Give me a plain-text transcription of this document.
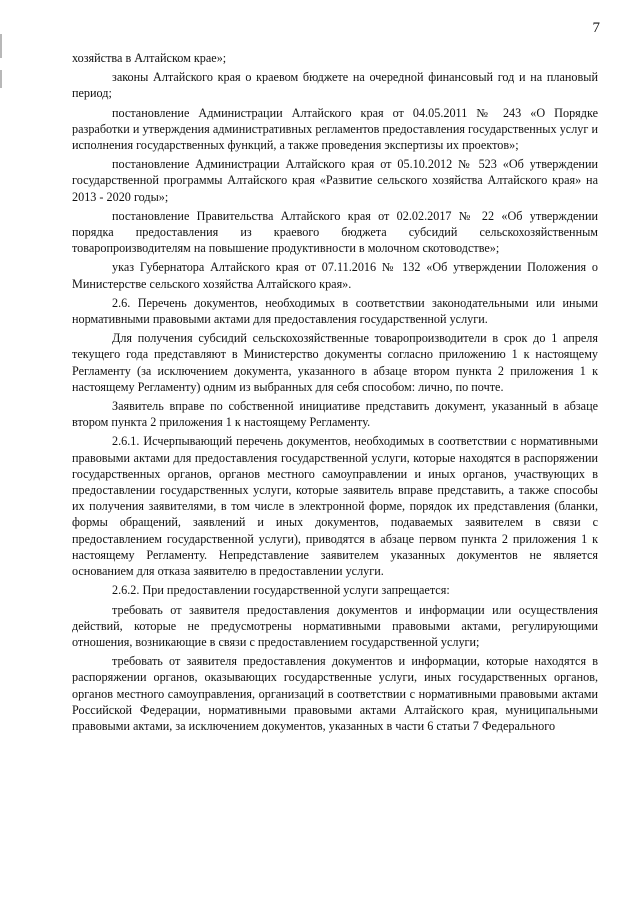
7

хозяйства в Алтайском крае»;

законы Алтайского края о краевом бюджете на очередной финансовый год и на плановый период;

постановление Администрации Алтайского края от 04.05.2011 № 243 «О Порядке разработки и утверждения административных регламентов предоставления государственных услуг и исполнения государственных функций, а также проведения экспертизы их проектов»;

постановление Администрации Алтайского края от 05.10.2012 № 523 «Об утверждении государственной программы Алтайского края «Развитие сельского хозяйства Алтайского края» на 2013 - 2020 годы»;

постановление Правительства Алтайского края от 02.02.2017 № 22 «Об утверждении порядка предоставления из краевого бюджета субсидий сельскохозяйственным товаропроизводителям на повышение продуктивности в молочном скотоводстве»;

указ Губернатора Алтайского края от 07.11.2016 № 132 «Об утверждении Положения о Министерстве сельского хозяйства Алтайского края».

2.6. Перечень документов, необходимых в соответствии законодательными или иными нормативными правовыми актами для предоставления государственной услуги.

Для получения субсидий сельскохозяйственные товаропроизводители в срок до 1 апреля текущего года представляют в Министерство документы согласно приложению 1 к настоящему Регламенту (за исключением документа, указанного в абзаце втором пункта 2 приложения 1 к настоящему Регламенту) одним из выбранных для себя способом: лично, по почте.

Заявитель вправе по собственной инициативе представить документ, указанный в абзаце втором пункта 2 приложения 1 к настоящему Регламенту.

2.6.1. Исчерпывающий перечень документов, необходимых в соответствии с нормативными правовыми актами для предоставления государственной услуги, которые находятся в распоряжении государственных органов, органов местного самоуправлении и иных органов, участвующих в предоставлении государственных услуги, которые заявитель вправе представить, а также способы их получения заявителями, в том числе в электронной форме, порядок их представления (бланки, формы обращений, заявлений и иных документов, подаваемых заявителем в связи с предоставлением государственной услуги), приводятся в абзаце первом пункта 2 приложения 1 к настоящему Регламенту. Непредставление заявителем указанных документов не является основанием для отказа заявителю в предоставлении услуги.

2.6.2. При предоставлении государственной услуги запрещается:

требовать от заявителя предоставления документов и информации или осуществления действий, которые не предусмотрены нормативными правовыми актами, регулирующими отношения, возникающие в связи с предоставлением государственной услуги;

требовать от заявителя предоставления документов и информации, которые находятся в распоряжении органов, оказывающих государственные услуги, иных государственных органов, органов местного самоуправления, организаций в соответствии с нормативными правовыми актами Российской Федерации, нормативными правовыми актами Алтайского края, муниципальными правовыми актами, за исключением документов, указанных в части 6 статьи 7 Федерального
